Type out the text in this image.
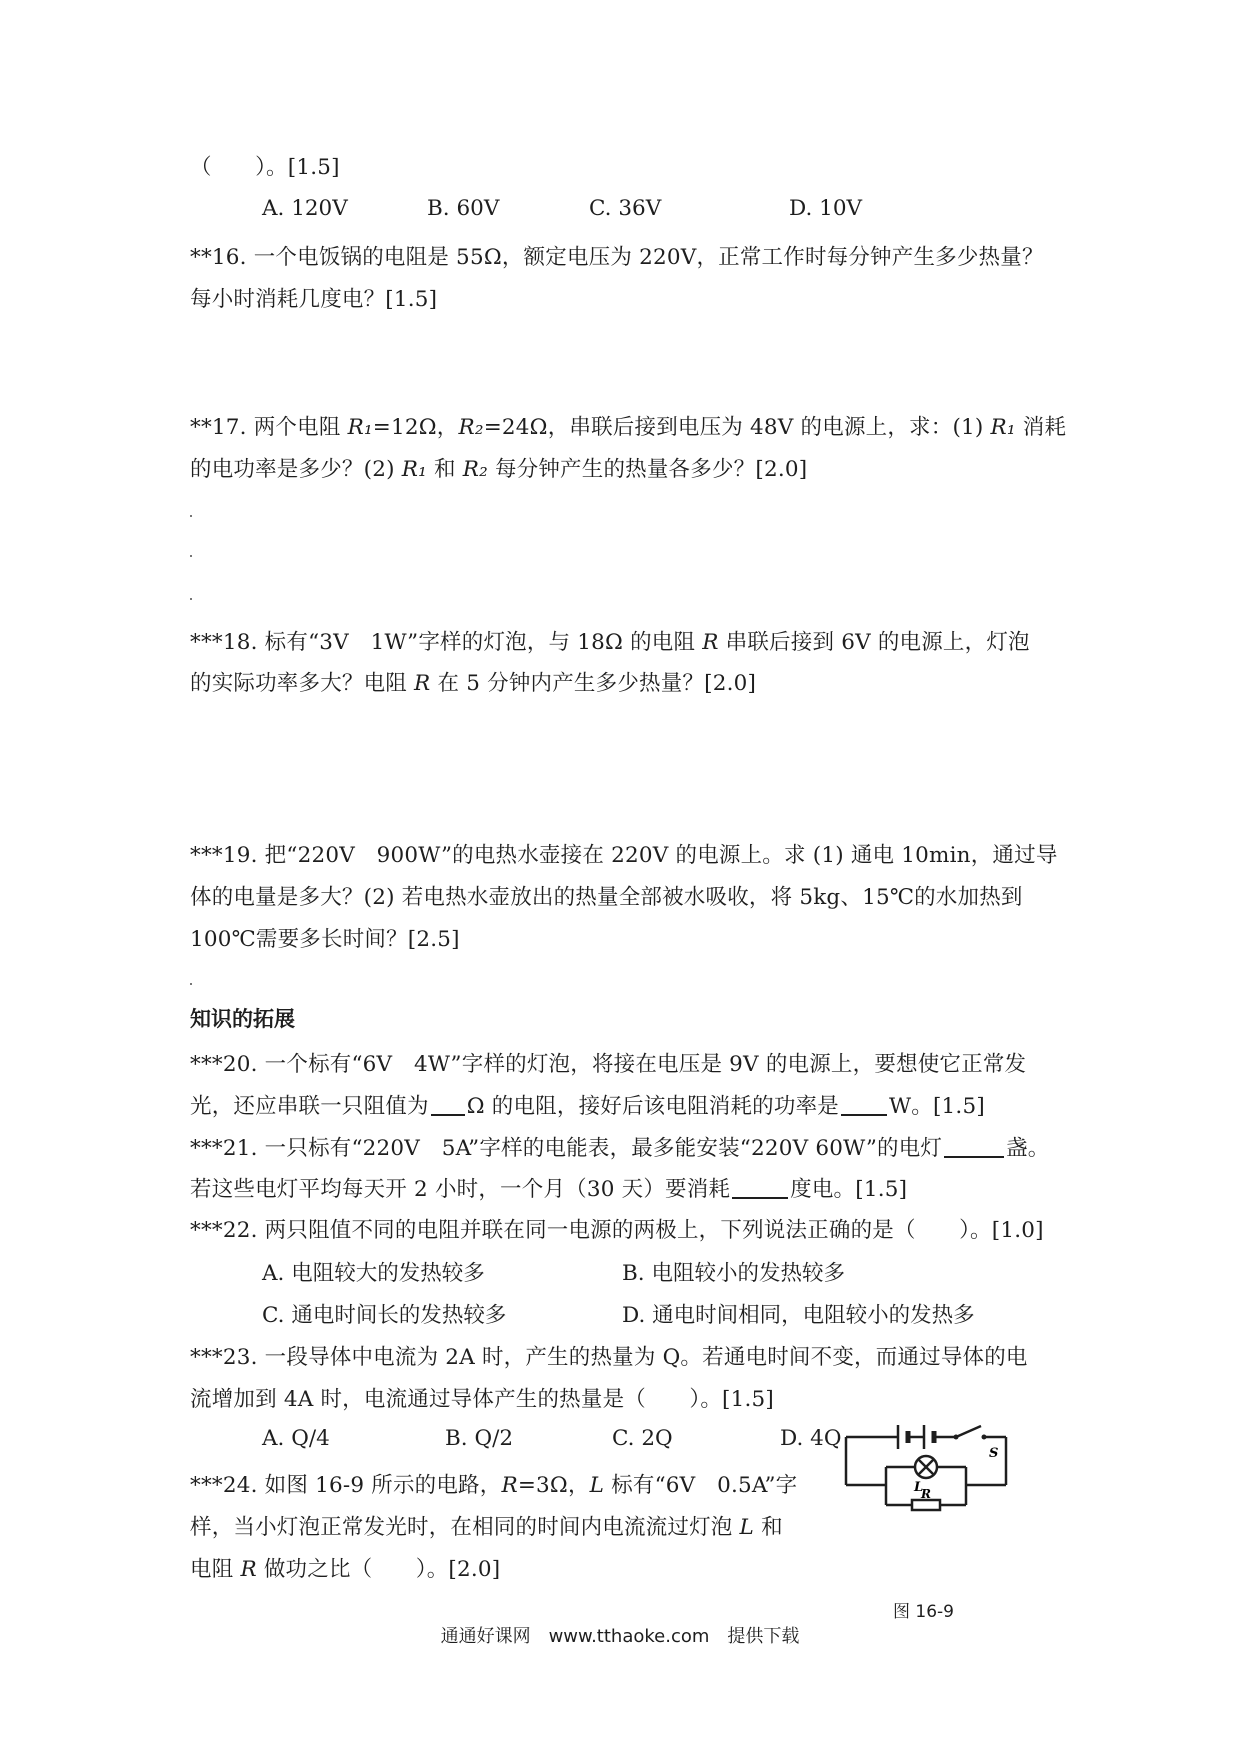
（　　）。[1.5]
A. 120V	B. 60V	C. 36V	D. 10V
**16. 一个电饭锅的电阻是 55Ω，额定电压为 220V，正常工作时每分钟产生多少热量？
每小时消耗几度电？[1.5]
**17. 两个电阻 R₁=12Ω，R₂=24Ω，串联后接到电压为 48V 的电源上，求：(1) R₁ 消耗
的电功率是多少？(2) R₁ 和 R₂ 每分钟产生的热量各多少？[2.0]
***18. 标有“3V　1W”字样的灯泡，与 18Ω 的电阻 R 串联后接到 6V 的电源上，灯泡
的实际功率多大？电阻 R 在 5 分钟内产生多少热量？[2.0]
***19. 把“220V　900W”的电热水壶接在 220V 的电源上。求 (1) 通电 10min，通过导
体的电量是多大？(2) 若电热水壶放出的热量全部被水吸收，将 5kg、15℃的水加热到
100℃需要多长时间？[2.5]
知识的拓展
***20. 一个标有“6V　4W”字样的灯泡，将接在电压是 9V 的电源上，要想使它正常发
光，还应串联一只阻值为 Ω 的电阻，接好后该电阻消耗的功率是 W。[1.5]
***21. 一只标有“220V　5A”字样的电能表，最多能安装“220V 60W”的电灯	盏。
若这些电灯平均每天开 2 小时，一个月（30 天）要消耗	度电。[1.5]
***22. 两只阻值不同的电阻并联在同一电源的两极上，下列说法正确的是（　　）。[1.0]
A. 电阻较大的发热较多	B. 电阻较小的发热较多
C. 通电时间长的发热较多	D. 通电时间相同，电阻较小的发热多
***23. 一段导体中电流为 2A 时，产生的热量为 Q。若通电时间不变，而通过导体的电
流增加到 4A 时，电流通过导体产生的热量是（　　）。[1.5]
A. Q/4	B. Q/2	C. 2Q	D. 4Q
***24. 如图 16-9 所示的电路，R=3Ω，L 标有“6V　0.5A”字
样，当小灯泡正常发光时，在相同的时间内电流流过灯泡 L 和
电阻 R 做功之比（　　）。[2.0]
S
L
R
图 16-9
通通好课网　www.tthaoke.com　提供下载
